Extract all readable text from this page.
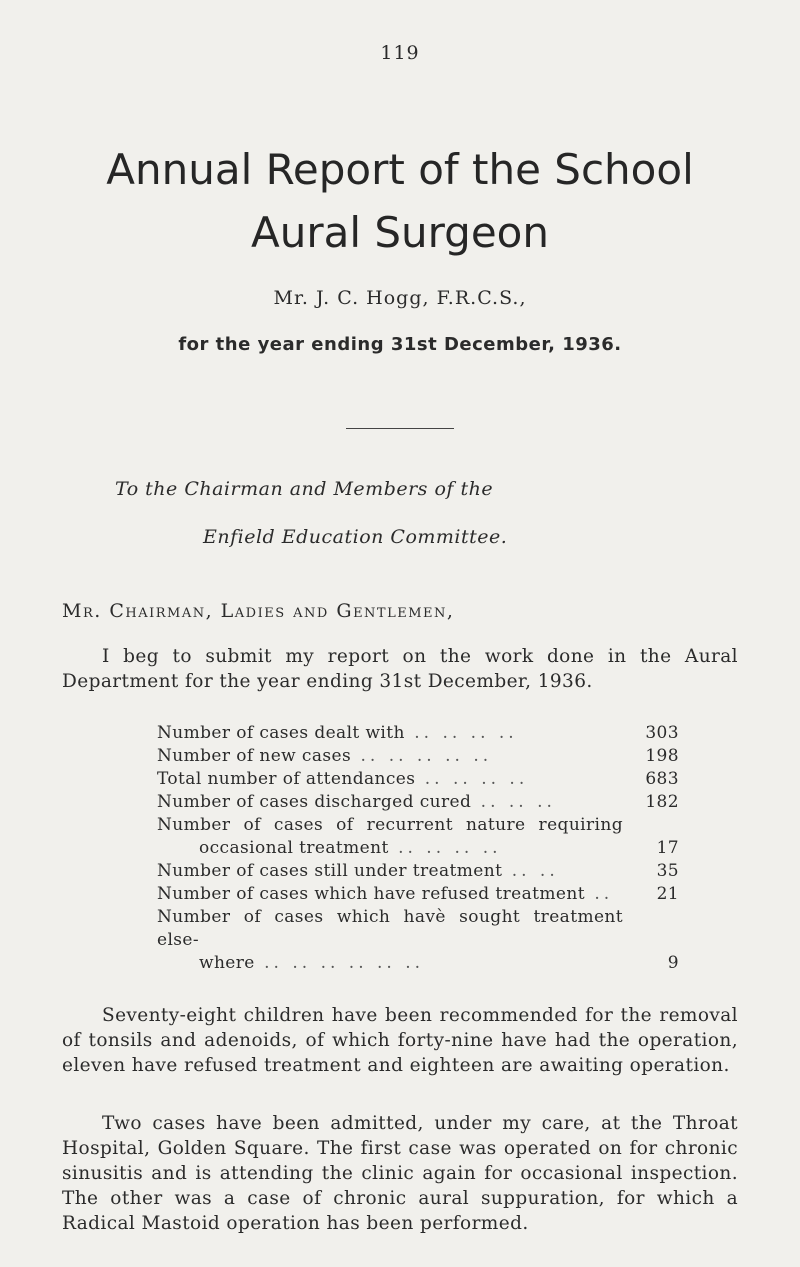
119
Annual Report of the School
Aural Surgeon
Mr. J. C. Hogg, F.R.C.S.,
for the year ending 31st December, 1936.
To the Chairman and Members of the
Enfield Education Committee.
Mr. Chairman, Ladies and Gentlemen,

I beg to submit my report on the work done in the Aural Department for the year ending 31st December, 1936.

Number of cases dealt with .. .. .. ..	303
Number of new cases .. .. .. .. ..	198
Total number of attendances .. .. .. ..	683
Number of cases discharged cured .. .. ..	182
Number of cases of recurrent nature requiring
occasional treatment .. .. .. ..	17
Number of cases still under treatment .. ..	35
Number of cases which have refused treatment ..	21
Number of cases which havè sought treatment else-
where .. .. .. .. .. ..	9

Seventy-eight children have been recommended for the removal of tonsils and adenoids, of which forty-nine have had the operation, eleven have refused treatment and eighteen are awaiting operation.

Two cases have been admitted, under my care, at the Throat Hospital, Golden Square. The first case was operated on for chronic sinusitis and is attending the clinic again for occasional inspection. The other was a case of chronic aural suppuration, for which a Radical Mastoid operation has been performed.
